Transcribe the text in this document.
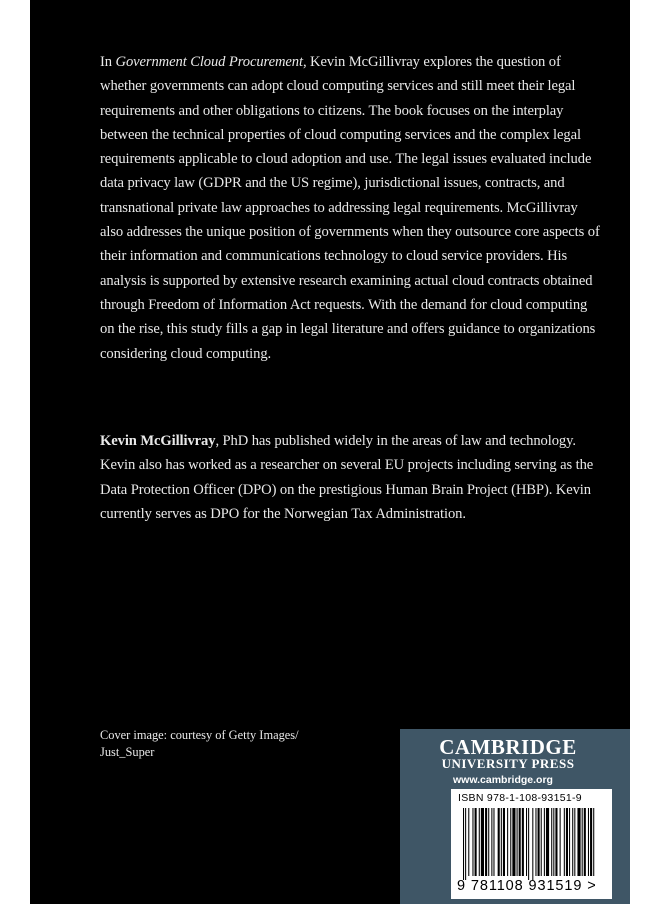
In Government Cloud Procurement, Kevin McGillivray explores the question of whether governments can adopt cloud computing services and still meet their legal requirements and other obligations to citizens. The book focuses on the interplay between the technical properties of cloud computing services and the complex legal requirements applicable to cloud adoption and use. The legal issues evaluated include data privacy law (GDPR and the US regime), jurisdictional issues, contracts, and transnational private law approaches to addressing legal requirements. McGillivray also addresses the unique position of governments when they outsource core aspects of their information and communications technology to cloud service providers. His analysis is supported by extensive research examining actual cloud contracts obtained through Freedom of Information Act requests. With the demand for cloud computing on the rise, this study fills a gap in legal literature and offers guidance to organizations considering cloud computing.

Kevin McGillivray, PhD has published widely in the areas of law and technology. Kevin also has worked as a researcher on several EU projects including serving as the Data Protection Officer (DPO) on the prestigious Human Brain Project (HBP). Kevin currently serves as DPO for the Norwegian Tax Administration.

Cover image: courtesy of Getty Images/
Just_Super	CAMBRIDGE
UNIVERSITY PRESS
www.cambridge.org
ISBN 978-1-108-93151-9
9 781108 931519 >
